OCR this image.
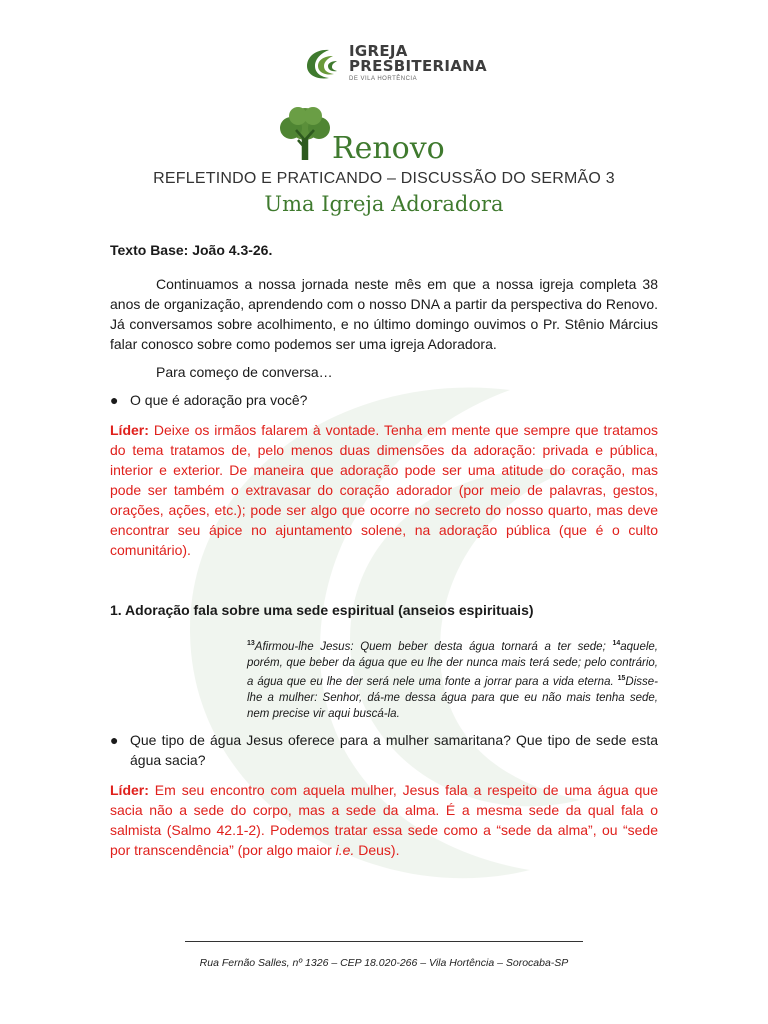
IGREJA
PRESBITERIANA
DE VILA HORTÊNCIA
Renovo
REFLETINDO E PRATICANDO – DISCUSSÃO DO SERMÃO 3
Uma Igreja Adoradora

Texto Base: João 4.3-26.

Continuamos a nossa jornada neste mês em que a nossa igreja completa 38 anos de organização, aprendendo com o nosso DNA a partir da perspectiva do Renovo. Já conversamos sobre acolhimento, e no último domingo ouvimos o Pr. Stênio Március falar conosco sobre como podemos ser uma igreja Adoradora.

Para começo de conversa…

● O que é adoração pra você?

Líder: Deixe os irmãos falarem à vontade. Tenha em mente que sempre que tratamos do tema tratamos de, pelo menos duas dimensões da adoração: privada e pública, interior e exterior. De maneira que adoração pode ser uma atitude do coração, mas pode ser também o extravasar do coração adorador (por meio de palavras, gestos, orações, ações, etc.); pode ser algo que ocorre no secreto do nosso quarto, mas deve encontrar seu ápice no ajuntamento solene, na adoração pública (que é o culto comunitário).

1. Adoração fala sobre uma sede espiritual (anseios espirituais)

$^{13}$Afirmou-lhe Jesus: Quem beber desta água tornará a ter sede; $^{14}$aquele, porém, que beber da água que eu lhe der nunca mais terá sede; pelo contrário, a água que eu lhe der será nele uma fonte a jorrar para a vida eterna. $^{15}$Disse-lhe a mulher: Senhor, dá-me dessa água para que eu não mais tenha sede, nem precise vir aqui buscá-la.

● Que tipo de água Jesus oferece para a mulher samaritana? Que tipo de sede esta água sacia?

Líder: Em seu encontro com aquela mulher, Jesus fala a respeito de uma água que sacia não a sede do corpo, mas a sede da alma. É a mesma sede da qual fala o salmista (Salmo 42.1-2). Podemos tratar essa sede como a “sede da alma”, ou “sede por transcendência” (por algo maior i.e. Deus).

Rua Fernão Salles, nº 1326 – CEP 18.020-266 – Vila Hortência – Sorocaba-SP
